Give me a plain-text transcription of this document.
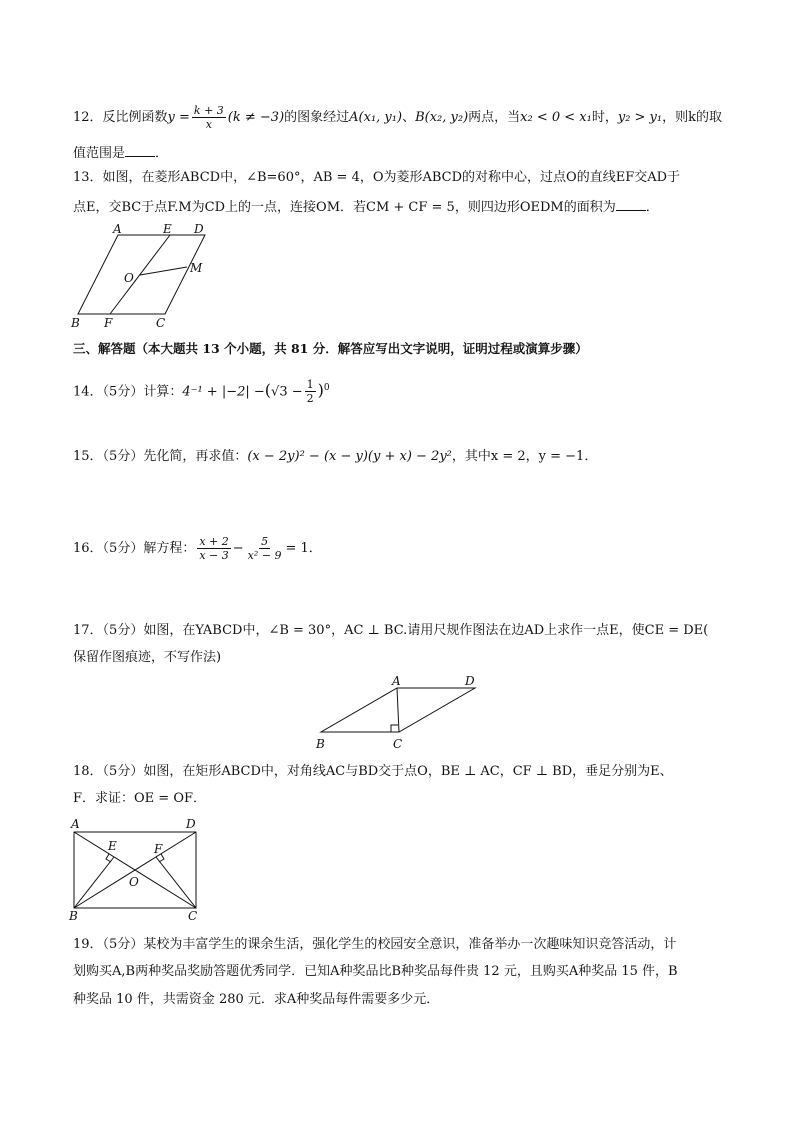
12．反比例函数$y = \frac{k + 3}{x} (k \ne -3)$的图象经过A(x₁, y₁)、B(x₂, y₂)两点，当x₂ < 0 < x₁时，y₂ > y₁，则k的取
值范围是 ．
13．如图，在菱形ABCD中，∠B=60°，AB = 4，O为菱形ABCD的对称中心，过点O的直线EF交AD于
点E，交BC于点F.M为CD上的一点，连接OM．若CM + CF = 5，则四边形OEDM的面积为 ．
A	E D
O
M
B F	C
三、解答题（本大题共 13 个小题，共 81 分．解答应写出文字说明，证明过程或演算步骤）
14．（5分）计算：$4^{-1} + |-2| -(√3 - \frac{1}{2} )^0$
15．（5分）先化简，再求值：(x − 2y)² − (x − y)(y + x) − 2y²，其中x = 2，y = −1．
16．（5分）解方程： $\frac{x + 2}{x - 3} - \frac{5}{\text{x² − 9}} = 1$．
17．（5分）如图，在YABCD中，∠B = 30°，AC ⊥ BC.请用尺规作图法在边AD上求作一点E，使CE = DE(
保留作图痕迹，不写作法)
A	D
B	C
18．（5分）如图，在矩形ABCD中，对角线AC与BD交于点O，BE ⊥ AC，CF ⊥ BD，垂足分别为E、
F．求证：OE = OF．
A	D
E	F
O
B	C
19．（5分）某校为丰富学生的课余生活，强化学生的校园安全意识，准备举办一次趣味知识竞答活动，计
划购买A,B两种奖品奖励答题优秀同学．已知A种奖品比B种奖品每件贵 12 元，且购买A种奖品 15 件，B
种奖品 10 件，共需资金 280 元．求A种奖品每件需要多少元．
